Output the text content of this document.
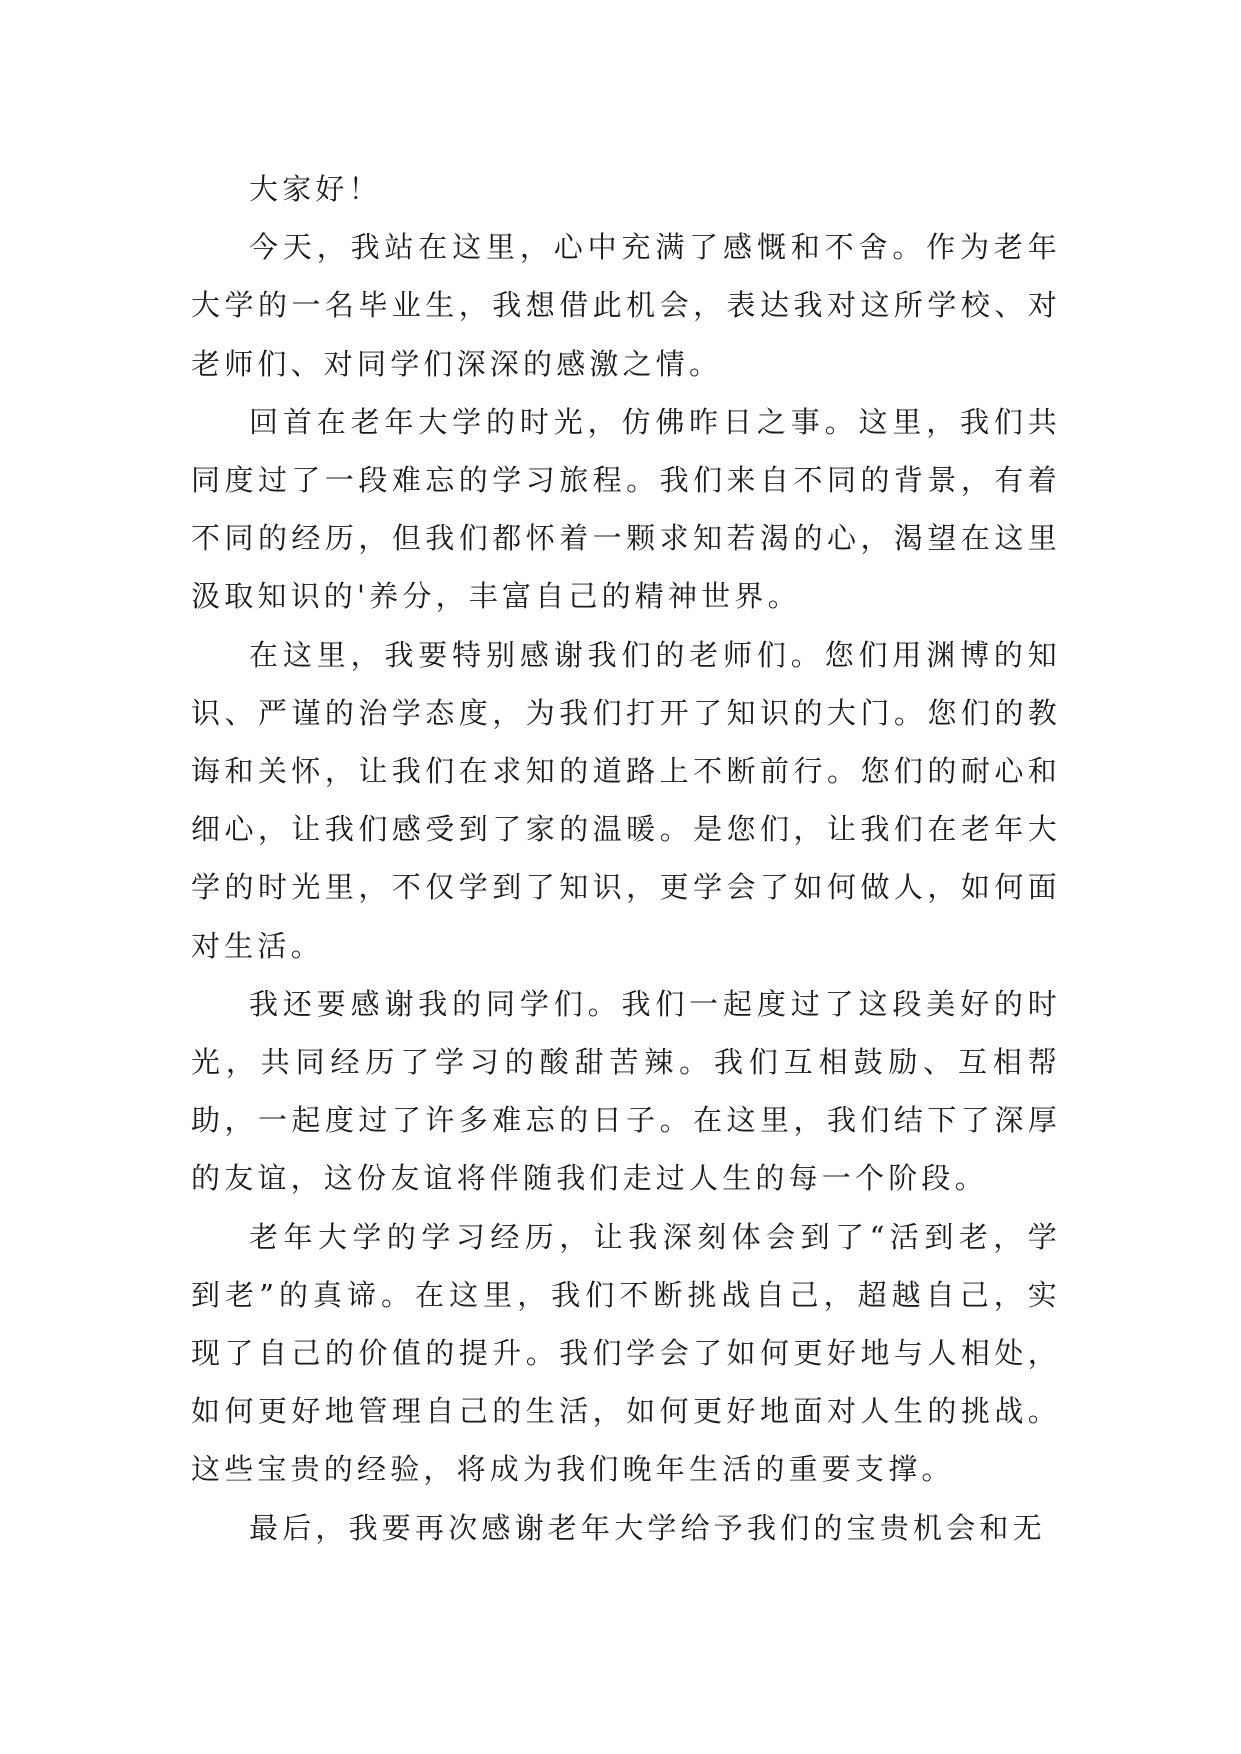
大家好！

今天，我站在这里，心中充满了感慨和不舍。作为老年大学的一名毕业生，我想借此机会，表达我对这所学校、对老师们、对同学们深深的感激之情。

回首在老年大学的时光，仿佛昨日之事。这里，我们共同度过了一段难忘的学习旅程。我们来自不同的背景，有着不同的经历，但我们都怀着一颗求知若渴的心，渴望在这里汲取知识的'养分，丰富自己的精神世界。

在这里，我要特别感谢我们的老师们。您们用渊博的知识、严谨的治学态度，为我们打开了知识的大门。您们的教诲和关怀，让我们在求知的道路上不断前行。您们的耐心和细心，让我们感受到了家的温暖。是您们，让我们在老年大学的时光里，不仅学到了知识，更学会了如何做人，如何面对生活。

我还要感谢我的同学们。我们一起度过了这段美好的时光，共同经历了学习的酸甜苦辣。我们互相鼓励、互相帮助，一起度过了许多难忘的日子。在这里，我们结下了深厚的友谊，这份友谊将伴随我们走过人生的每一个阶段。

老年大学的学习经历，让我深刻体会到了“活到老，学到老”的真谛。在这里，我们不断挑战自己，超越自己，实现了自己的价值的提升。我们学会了如何更好地与人相处，如何更好地管理自己的生活，如何更好地面对人生的挑战。这些宝贵的经验，将成为我们晚年生活的重要支撑。

最后，我要再次感谢老年大学给予我们的宝贵机会和无
